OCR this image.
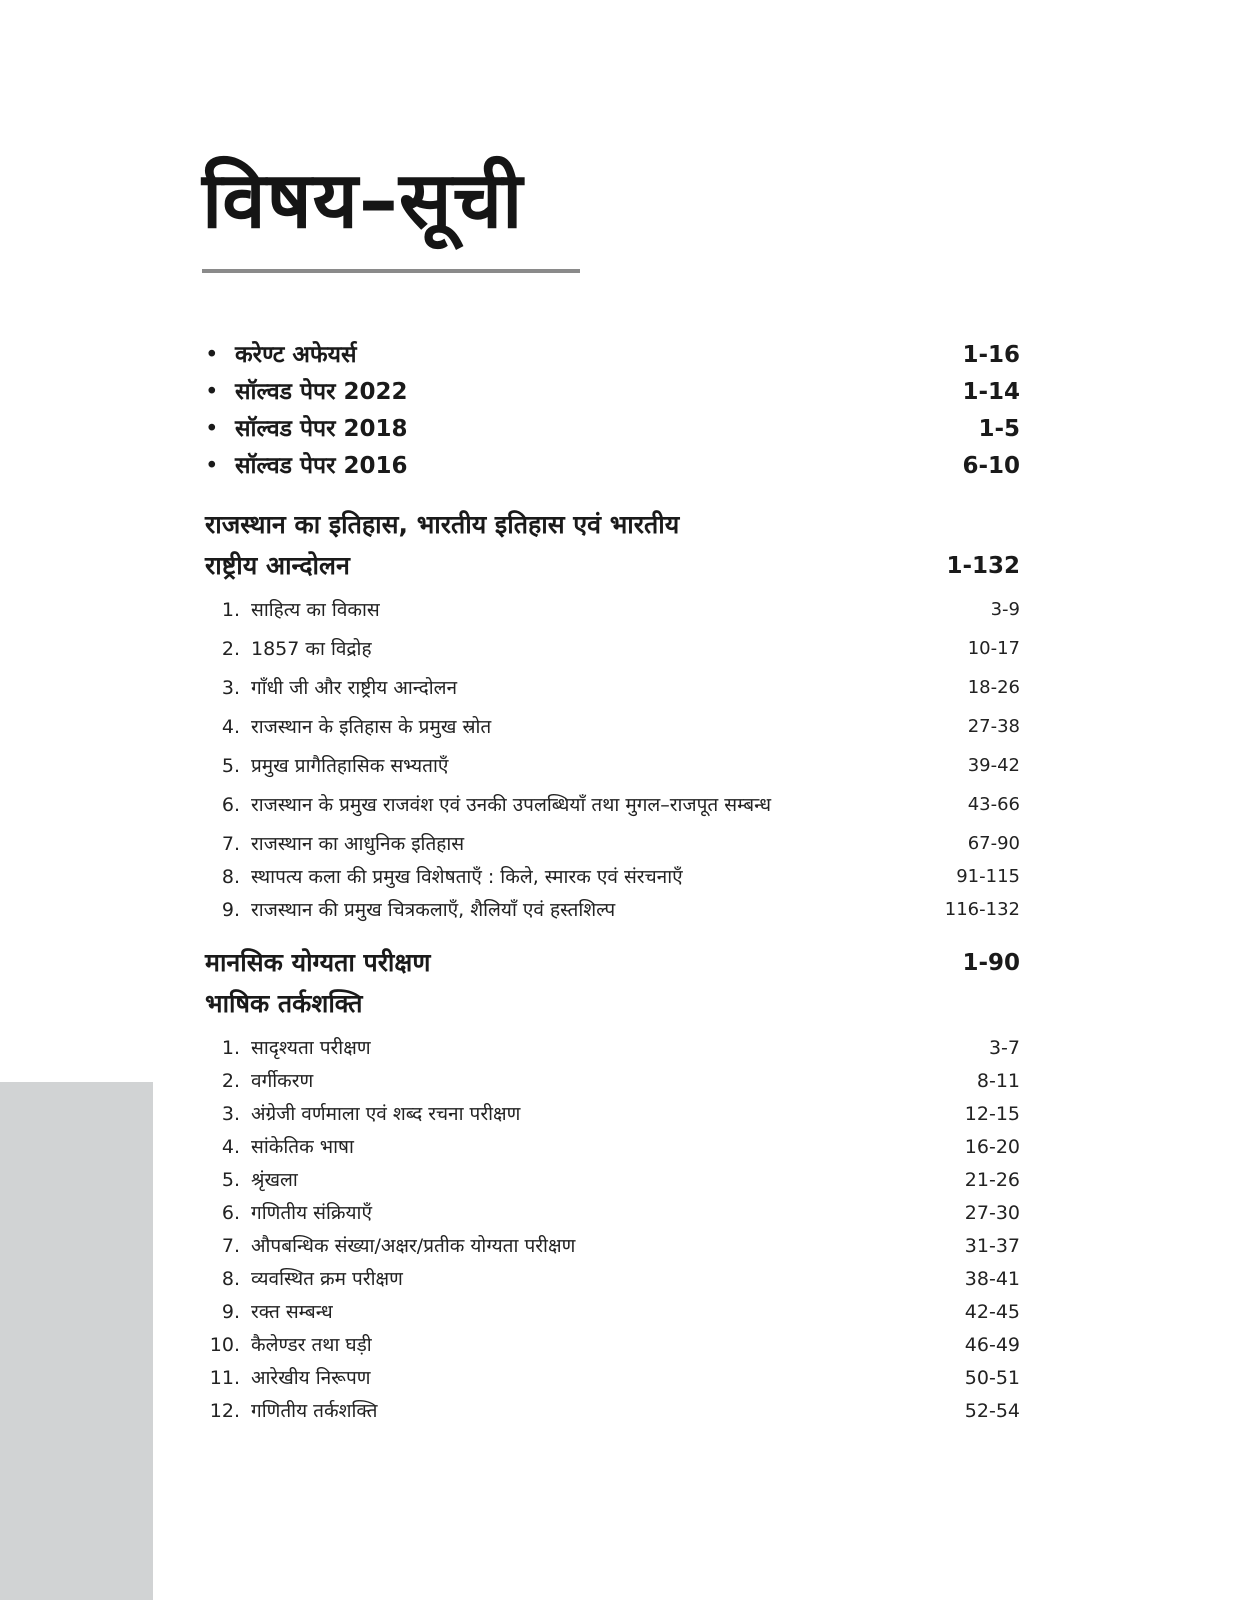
विषय–सूची
• करेण्ट अफेयर्स	1-16
• सॉल्वड पेपर 2022	1-14
• सॉल्वड पेपर 2018	1-5
• सॉल्वड पेपर 2016	6-10
राजस्थान का इतिहास, भारतीय इतिहास एवं भारतीय
राष्ट्रीय आन्दोलन	1-132
1. साहित्य का विकास	3-9
2. 1857 का विद्रोह	10-17
3. गाँधी जी और राष्ट्रीय आन्दोलन	18-26
4. राजस्थान के इतिहास के प्रमुख स्रोत	27-38
5. प्रमुख प्रागैतिहासिक सभ्यताएँ	39-42
6. राजस्थान के प्रमुख राजवंश एवं उनकी उपलब्धियाँ तथा मुगल–राजपूत सम्बन्ध	43-66
7. राजस्थान का आधुनिक इतिहास	67-90
8. स्थापत्य कला की प्रमुख विशेषताएँ : किले, स्मारक एवं संरचनाएँ	91-115
9. राजस्थान की प्रमुख चित्रकलाएँ, शैलियाँ एवं हस्तशिल्प	116-132
मानसिक योग्यता परीक्षण	1-90
भाषिक तर्कशक्ति
1. सादृश्यता परीक्षण	3-7
2. वर्गीकरण	8-11
3. अंग्रेजी वर्णमाला एवं शब्द रचना परीक्षण	12-15
4. सांकेतिक भाषा	16-20
5. श्रृंखला	21-26
6. गणितीय संक्रियाएँ	27-30
7. औपबन्धिक संख्या/अक्षर/प्रतीक योग्यता परीक्षण	31-37
8. व्यवस्थित क्रम परीक्षण	38-41
9. रक्त सम्बन्ध	42-45
10. कैलेण्डर तथा घड़ी	46-49
11. आरेखीय निरूपण	50-51
12. गणितीय तर्कशक्ति	52-54
